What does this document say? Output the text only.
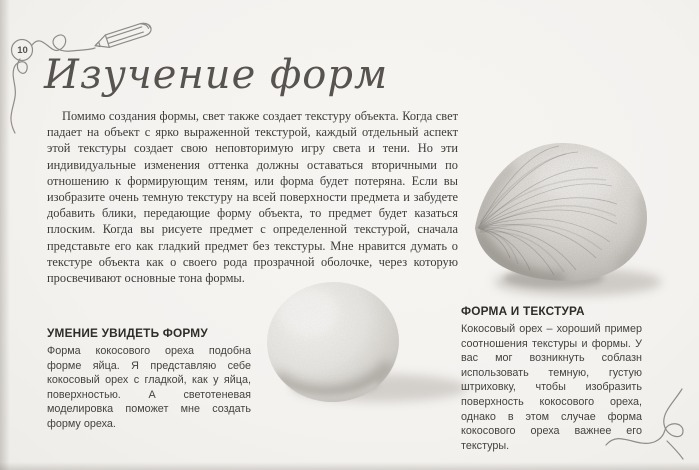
10
Изучение форм

Помимо создания формы, свет также создает текстуру объекта. Когда свет падает на объект с ярко выраженной текстурой, каждый отдельный аспект этой текстуры создает свою неповторимую игру света и тени. Но эти индивидуальные изменения оттенка должны оставаться вторичными по отношению к формирующим теням, или форма будет потеряна. Если вы изобразите очень темную текстуру на всей поверхности предмета и забудете добавить блики, передающие форму объекта, то предмет будет казаться плоским. Когда вы рисуете предмет с определенной текстурой, сначала представьте его как гладкий предмет без текстуры. Мне нравится думать о текстуре объекта как о своего рода прозрачной оболочке, через которую просвечивают основные тона формы.

УМЕНИЕ УВИДЕТЬ ФОРМУ

Форма кокосового ореха подобна форме яйца. Я представляю себе кокосовый орех с гладкой, как у яйца, поверхностью. А светотеневая моделировка поможет мне создать форму ореха.

ФОРМА И ТЕКСТУРА

Кокосовый орех – хороший пример соотношения текстуры и формы. У вас мог возникнуть соблазн использовать темную, густую штриховку, чтобы изобразить поверхность кокосового ореха, однако в этом случае форма кокосового ореха важнее его текстуры.
